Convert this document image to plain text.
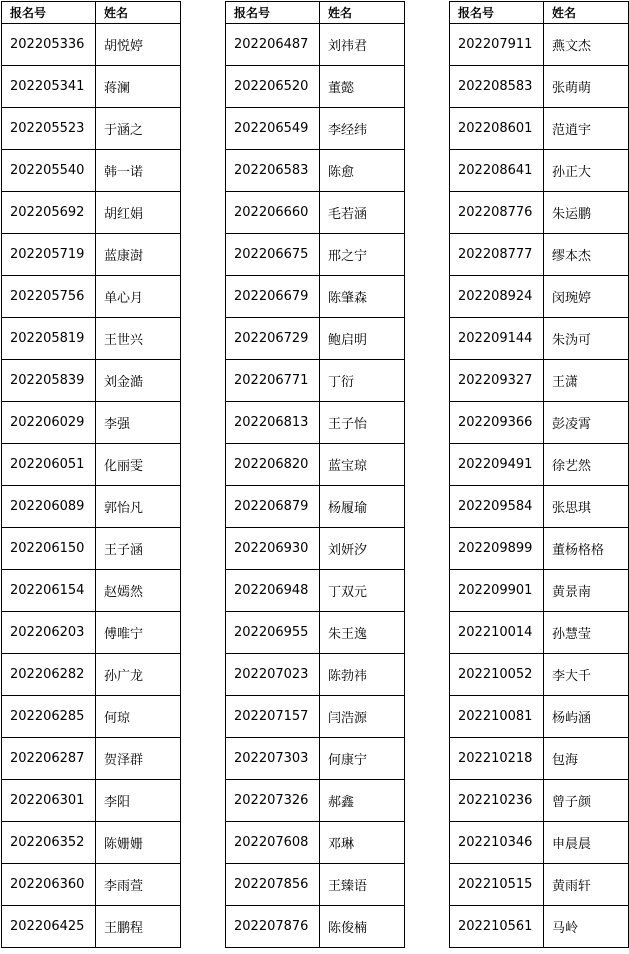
报名号	姓名
202205336	胡悦婷
202205341	蒋澜
202205523	于涵之
202205540	韩一诺
202205692	胡红娟
202205719	蓝康澍
202205756	单心月
202205819	王世兴
202205839	刘金澔
202206029	李强
202206051	化丽雯
202206089	郭怡凡
202206150	王子涵
202206154	赵嫣然
202206203	傅唯宁
202206282	孙广龙
202206285	何琼
202206287	贺泽群
202206301	李阳
202206352	陈姗姗
202206360	李雨萱
202206425	王鹏程
报名号	姓名
202206487	刘祎君
202206520	董懿
202206549	李经纬
202206583	陈愈
202206660	毛若涵
202206675	邢之宁
202206679	陈肇森
202206729	鲍启明
202206771	丁衍
202206813	王子怡
202206820	蓝宝琼
202206879	杨履瑜
202206930	刘妍汐
202206948	丁双元
202206955	朱王逸
202207023	陈勃祎
202207157	闫浩源
202207303	何康宁
202207326	郝鑫
202207608	邓琳
202207856	王臻语
202207876	陈俊楠
报名号	姓名
202207911	燕文杰
202208583	张萌萌
202208601	范逍宇
202208641	孙正大
202208776	朱运鹏
202208777	缪本杰
202208924	闵琬婷
202209144	朱沩可
202209327	王潇
202209366	彭凌霄
202209491	徐艺然
202209584	张思琪
202209899	董杨格格
202209901	黄景南
202210014	孙慧莹
202210052	李大千
202210081	杨屿涵
202210218	包海
202210236	曾子颜
202210346	申晨晨
202210515	黄雨轩
202210561	马岭
